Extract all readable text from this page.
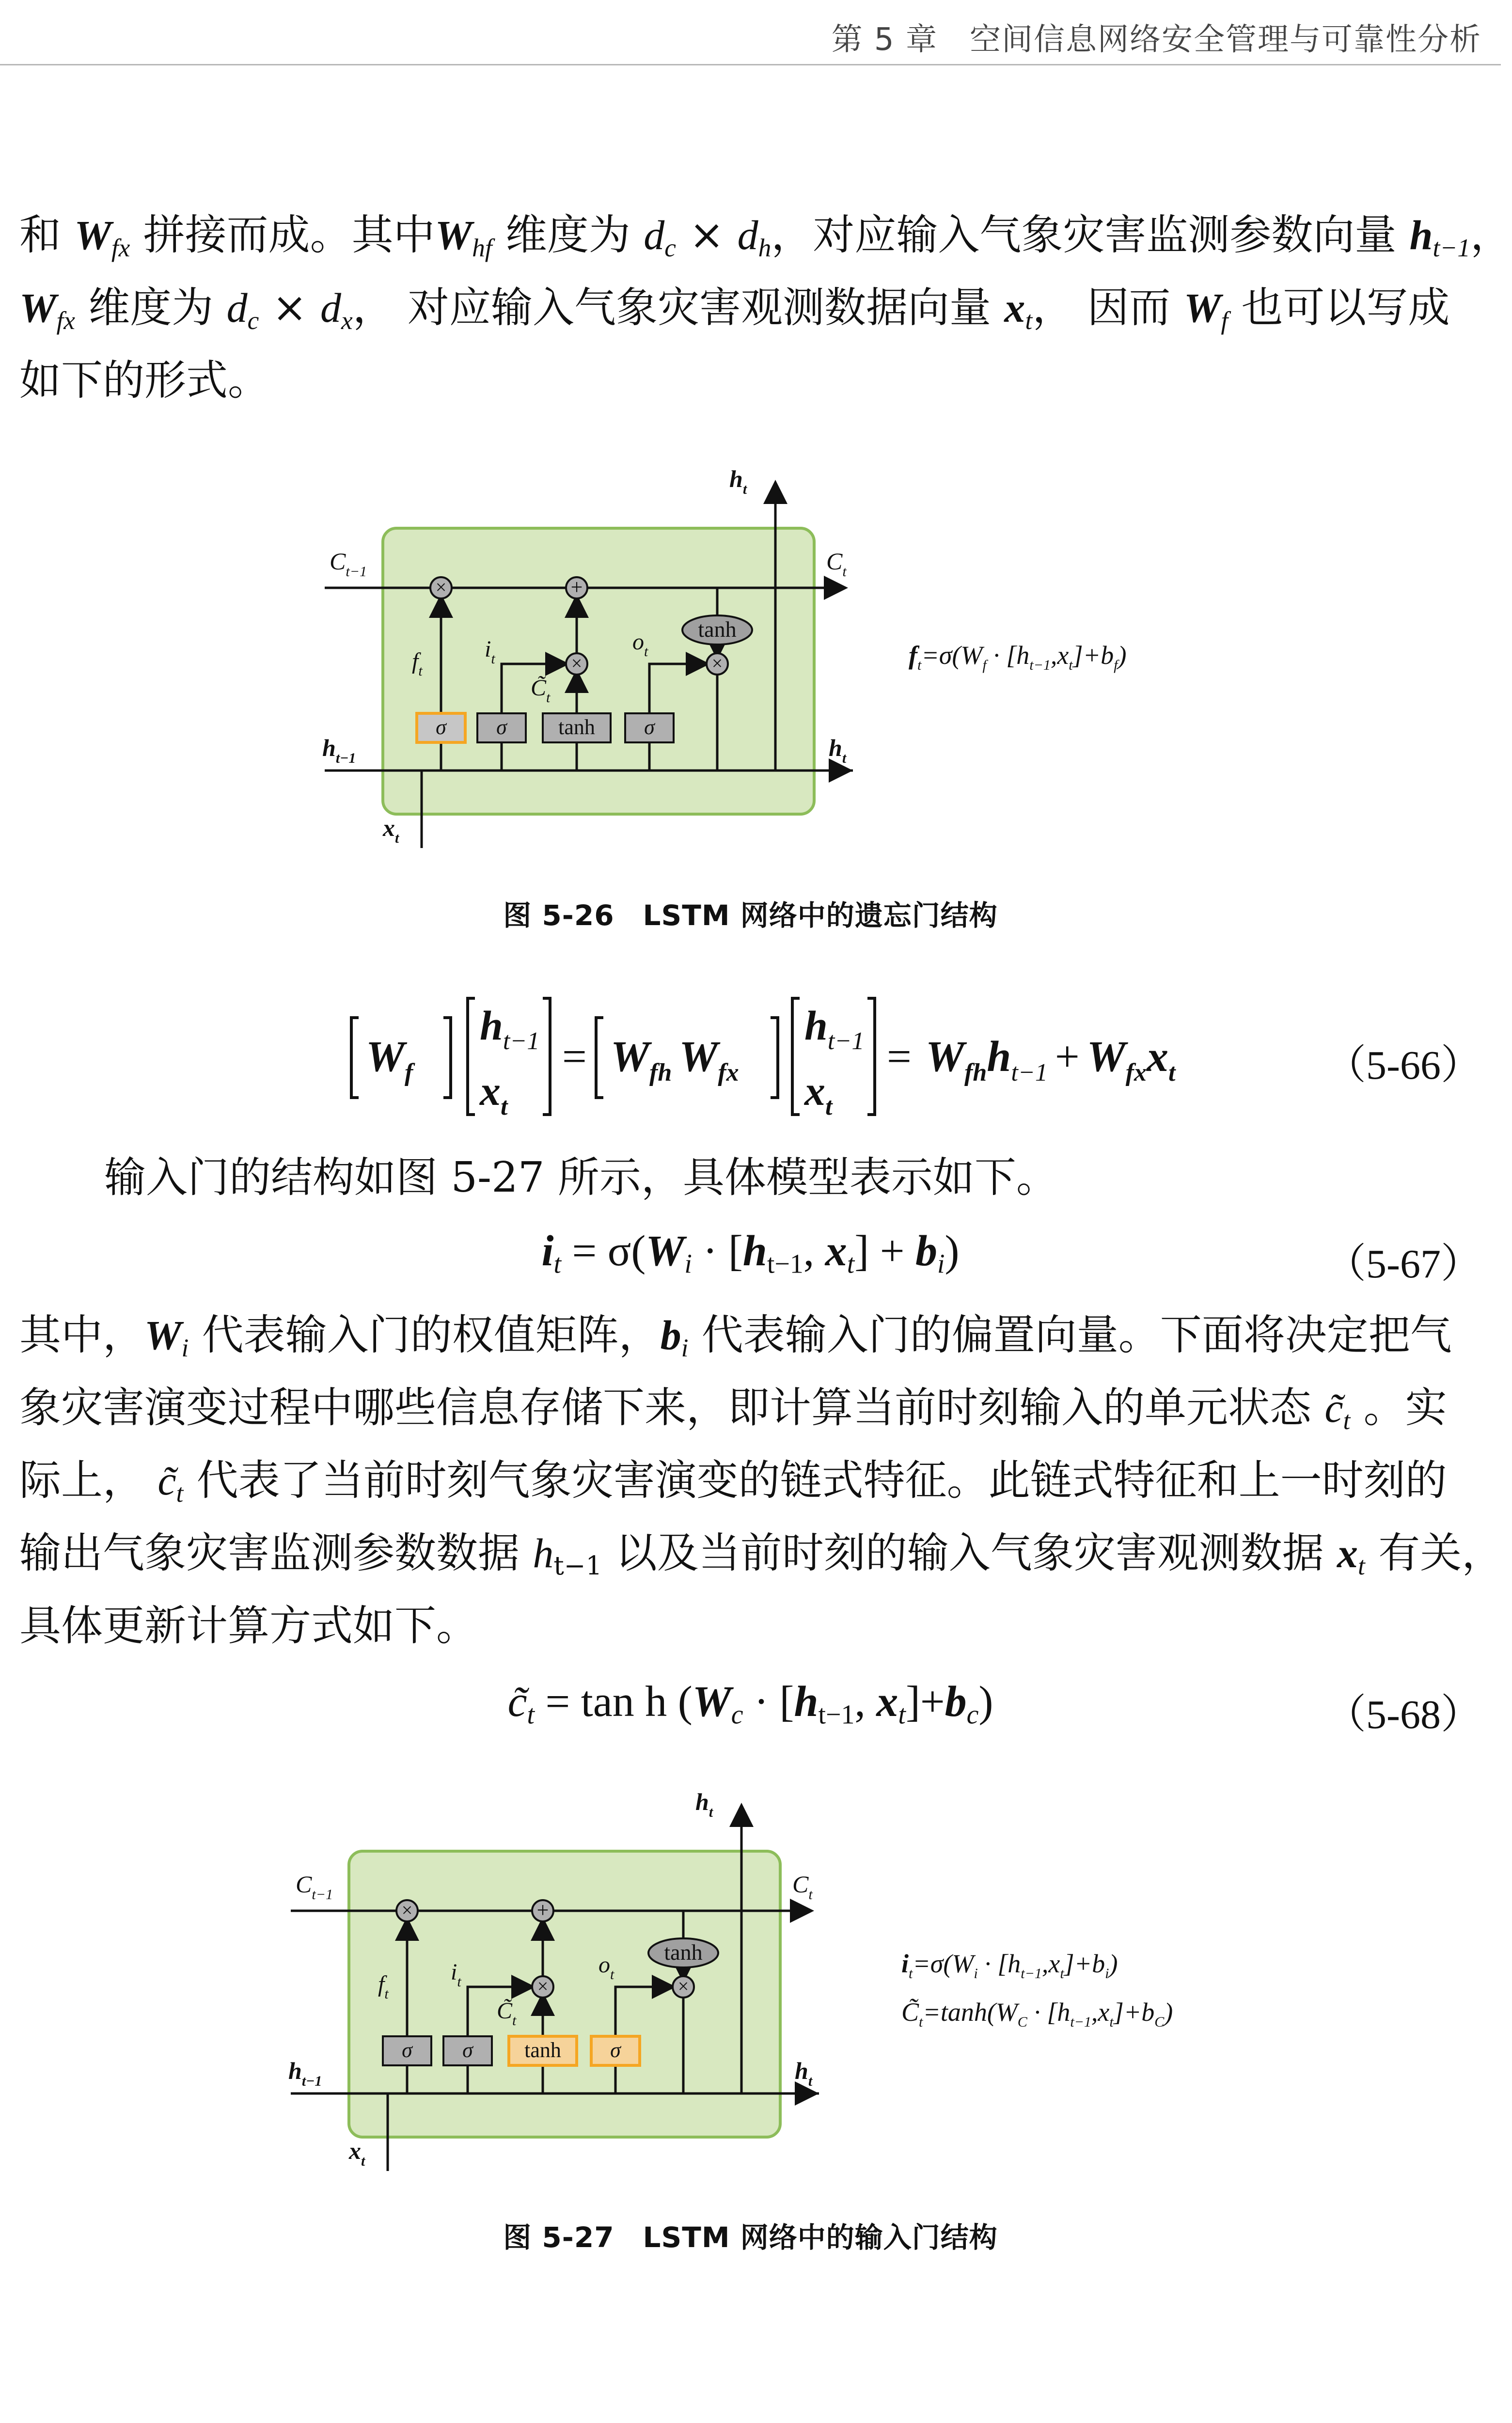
第 5 章　空间信息网络安全管理与可靠性分析
和 $W_{fx}$ 拼接而成。其中$W_{hf}$ 维度为 $d_c \times d_h$，对应输入气象灾害监测参数向量 $h_{t-1}$，
$W_{fx}$ 维度为 $d_c \times d_x$， 对应输入气象灾害观测数据向量 $x_t$， 因而 $W_f$ 也可以写成
如下的形式。
×	+
×	×
tanh
σ σ tanh σ
$h_t$
$C_{t-1}$	$C_t$
$f_t$
$i_t$
$C̃_t$
$o_t$
$h_{t-1}$	$h_t$
$x_t$
$f_t=\sigma(W_f \cdot [h_{t-1},x_t]+b_f)$
图 5-26　LSTM 网络中的遗忘门结构
$W_f$
$h_{t-1}$
$x_t$
= $W_{fh}$ $W_{fx}$
$h_{t-1}$
$x_t$
= $W_{fh}h_{t-1} + W_{fx}x_t$	（5-66）
输入门的结构如图 5-27 所示，具体模型表示如下。
$i_t = \sigma(W_i \cdot [h_{t-1}$, $x_t] + b_i$)	（5-67）
其中，$W_i$ 代表输入门的权值矩阵，$b_i$ 代表输入门的偏置向量。下面将决定把气
象灾害演变过程中哪些信息存储下来，即计算当前时刻输入的单元状态 $c̃_t$ 。实
际上， $c̃_t$ 代表了当前时刻气象灾害演变的链式特征。此链式特征和上一时刻的
输出气象灾害监测参数数据 $h_{t-1}$ 以及当前时刻的输入气象灾害观测数据 $x_t$ 有关，
具体更新计算方式如下。
$c̃_t = \tan h$ ($W_c \cdot [h_{t-1}$, $x_t]+b_c$)	（5-68）
×	+
×	×
tanh
σ σ tanh σ
$h_t$
$C_{t-1}$	$C_t$
$f_t$
$i_t$
$C̃_t$
$o_t$
$h_{t-1}$	$h_t$
$x_t$
$i_t=\sigma(W_i \cdot [h_{t-1},x_t]+b_i)$
$C̃_t=\tanh(W_C \cdot [h_{t-1},x_t]+b_C)$
图 5-27　LSTM 网络中的输入门结构
